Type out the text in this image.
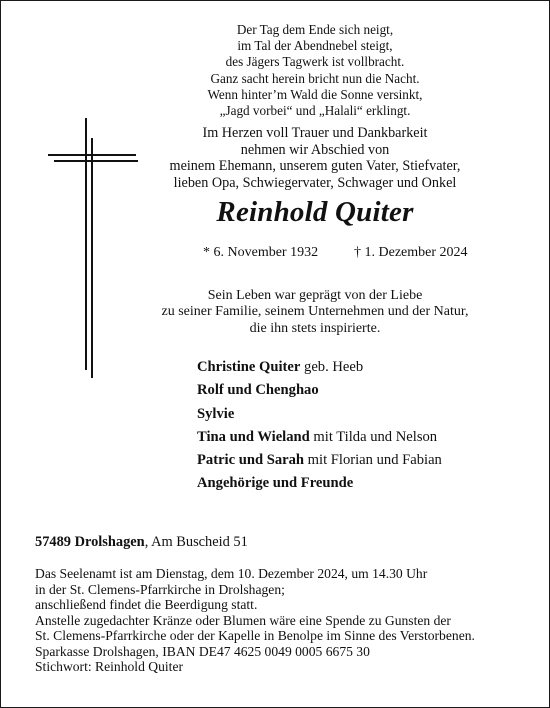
Der Tag dem Ende sich neigt,
im Tal der Abendnebel steigt,
des Jägers Tagwerk ist vollbracht.
Ganz sacht herein bricht nun die Nacht.
Wenn hinter’m Wald die Sonne versinkt,
„Jagd vorbei“ und „Halali“ erklingt.
Im Herzen voll Trauer und Dankbarkeit
nehmen wir Abschied von
meinem Ehemann, unserem guten Vater, Stiefvater,
lieben Opa, Schwiegervater, Schwager und Onkel
Reinhold Quiter
* 6. November 1932	† 1. Dezember 2024
Sein Leben war geprägt von der Liebe
zu seiner Familie, seinem Unternehmen und der Natur,
die ihn stets inspirierte.
Christine Quiter geb. Heeb
Rolf und Chenghao
Sylvie
Tina und Wieland mit Tilda und Nelson
Patric und Sarah mit Florian und Fabian
Angehörige und Freunde
57489 Drolshagen, Am Buscheid 51
Das Seelenamt ist am Dienstag, dem 10. Dezember 2024, um 14.30 Uhr
in der St. Clemens-Pfarrkirche in Drolshagen;
anschließend findet die Beerdigung statt.
Anstelle zugedachter Kränze oder Blumen wäre eine Spende zu Gunsten der
St. Clemens-Pfarrkirche oder der Kapelle in Benolpe im Sinne des Verstorbenen.
Sparkasse Drolshagen, IBAN DE47 4625 0049 0005 6675 30
Stichwort: Reinhold Quiter
